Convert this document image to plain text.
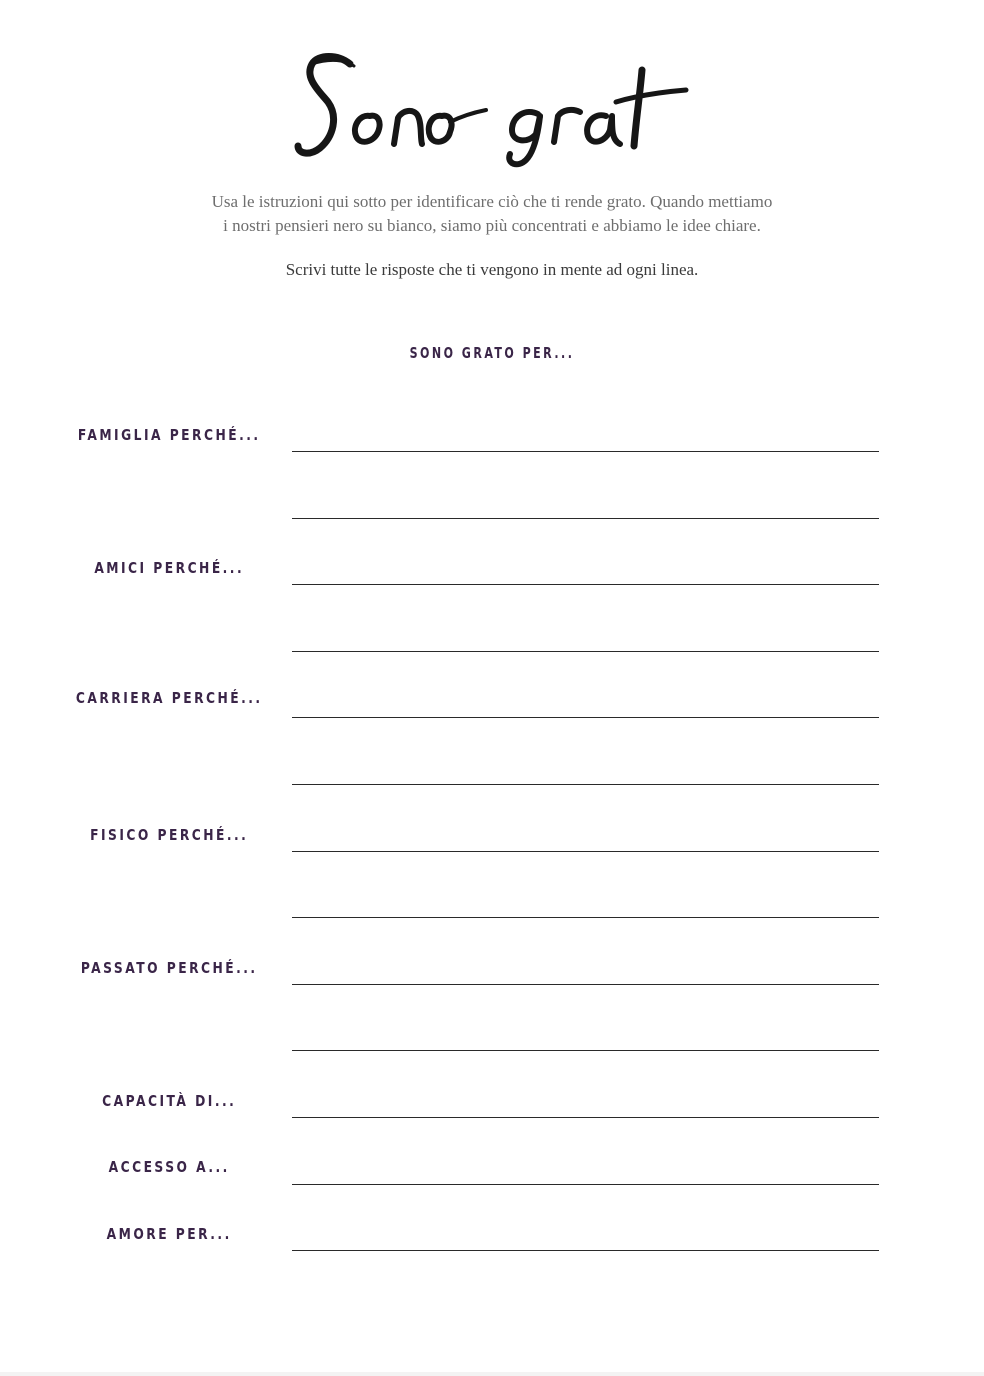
Usa le istruzioni qui sotto per identificare ciò che ti rende grato. Quando mettiamo
i nostri pensieri nero su bianco, siamo più concentrati e abbiamo le idee chiare.
Scrivi tutte le risposte che ti vengono in mente ad ogni linea.
SONO GRATO PER...
FAMIGLIA PERCHÉ...
AMICI PERCHÉ...
CARRIERA PERCHÉ...
FISICO PERCHÉ...
PASSATO PERCHÉ...
CAPACITÀ DI...
ACCESSO A...
AMORE PER...
